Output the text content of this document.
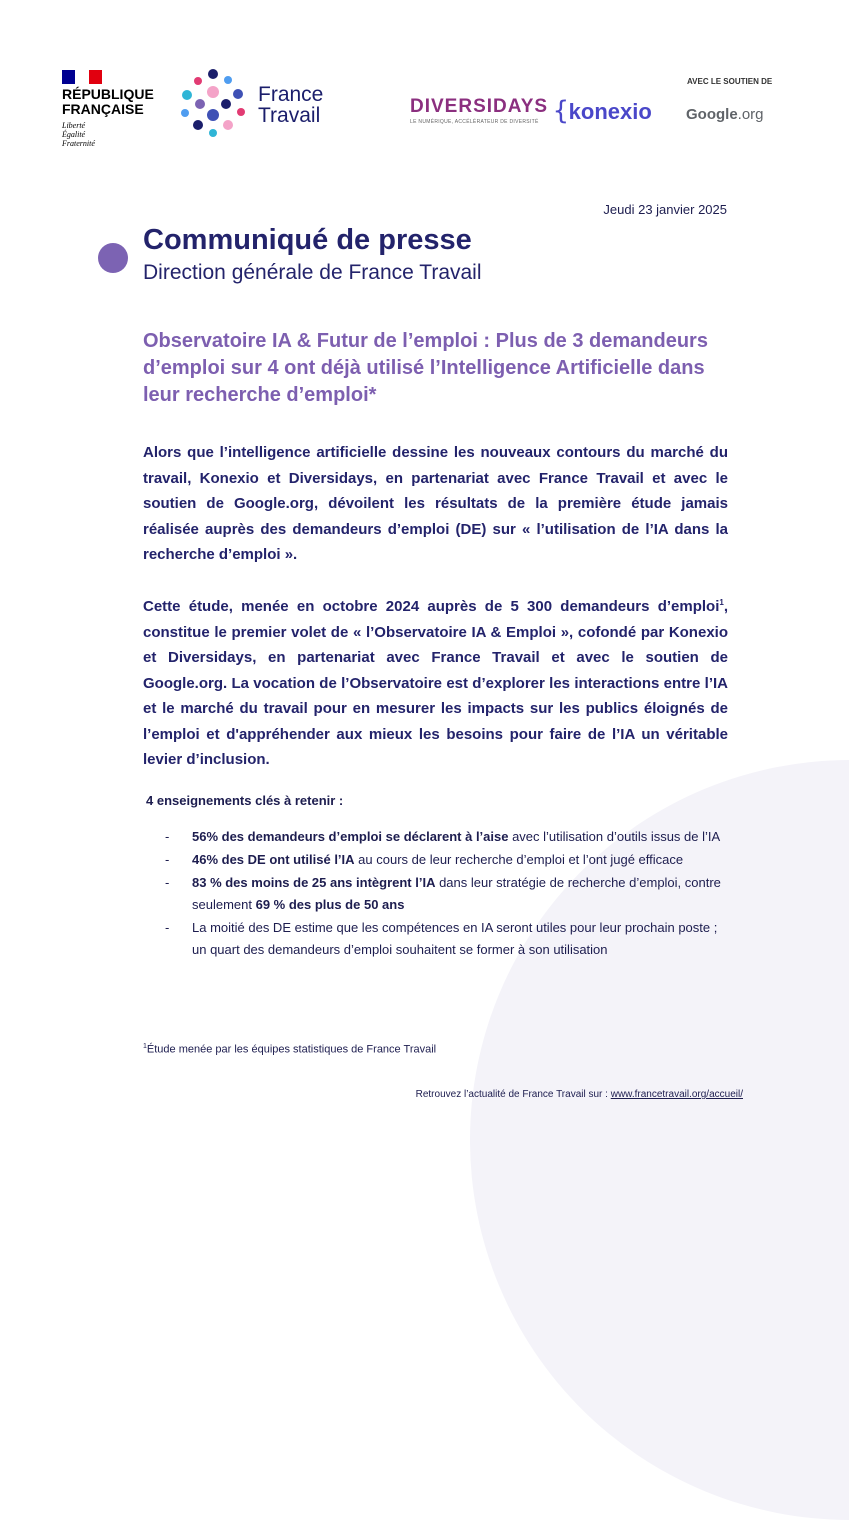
RÉPUBLIQUE
FRANÇAISE
Liberté
Égalité
Fraternité
France
Travail	DIVERSIDAYS
LE NUMÉRIQUE, ACCÉLÉRATEUR DE DIVERSITÉ {konexio
AVEC LE SOUTIEN DE
Google.org
Jeudi 23 janvier 2025
Communiqué de presse
Direction générale de France Travail
Observatoire IA & Futur de l’emploi : Plus de 3 demandeurs d’emploi sur 4 ont déjà utilisé l’Intelligence Artificielle dans leur recherche d’emploi*

Alors que l’intelligence artificielle dessine les nouveaux contours du marché du travail, Konexio et Diversidays, en partenariat avec France Travail et avec le soutien de Google.org, dévoilent les résultats de la première étude jamais réalisée auprès des demandeurs d’emploi (DE) sur « l’utilisation de l’IA dans la recherche d’emploi ».

Cette étude, menée en octobre 2024 auprès de 5 300 demandeurs d’emploi$^1$, constitue le premier volet de « l’Observatoire IA & Emploi », cofondé par Konexio et Diversidays, en partenariat avec France Travail et avec le soutien de Google.org. La vocation de l’Observatoire est d’explorer les interactions entre l’IA et le marché du travail pour en mesurer les impacts sur les publics éloignés de l’emploi et d'appréhender aux mieux les besoins pour faire de l’IA un véritable levier d’inclusion.

4 enseignements clés à retenir :
- 56% des demandeurs d’emploi se déclarent à l’aise avec l’utilisation d’outils issus de l’IA
- 46% des DE ont utilisé l’IA au cours de leur recherche d’emploi et l’ont jugé efficace
- 83 % des moins de 25 ans intègrent l’IA dans leur stratégie de recherche d’emploi, contre seulement 69 % des plus de 50 ans
- La moitié des DE estime que les compétences en IA seront utiles pour leur prochain poste ; un quart des demandeurs d’emploi souhaitent se former à son utilisation
$^1$Étude menée par les équipes statistiques de France Travail
Retrouvez l’actualité de France Travail sur : www.francetravail.org/accueil/
